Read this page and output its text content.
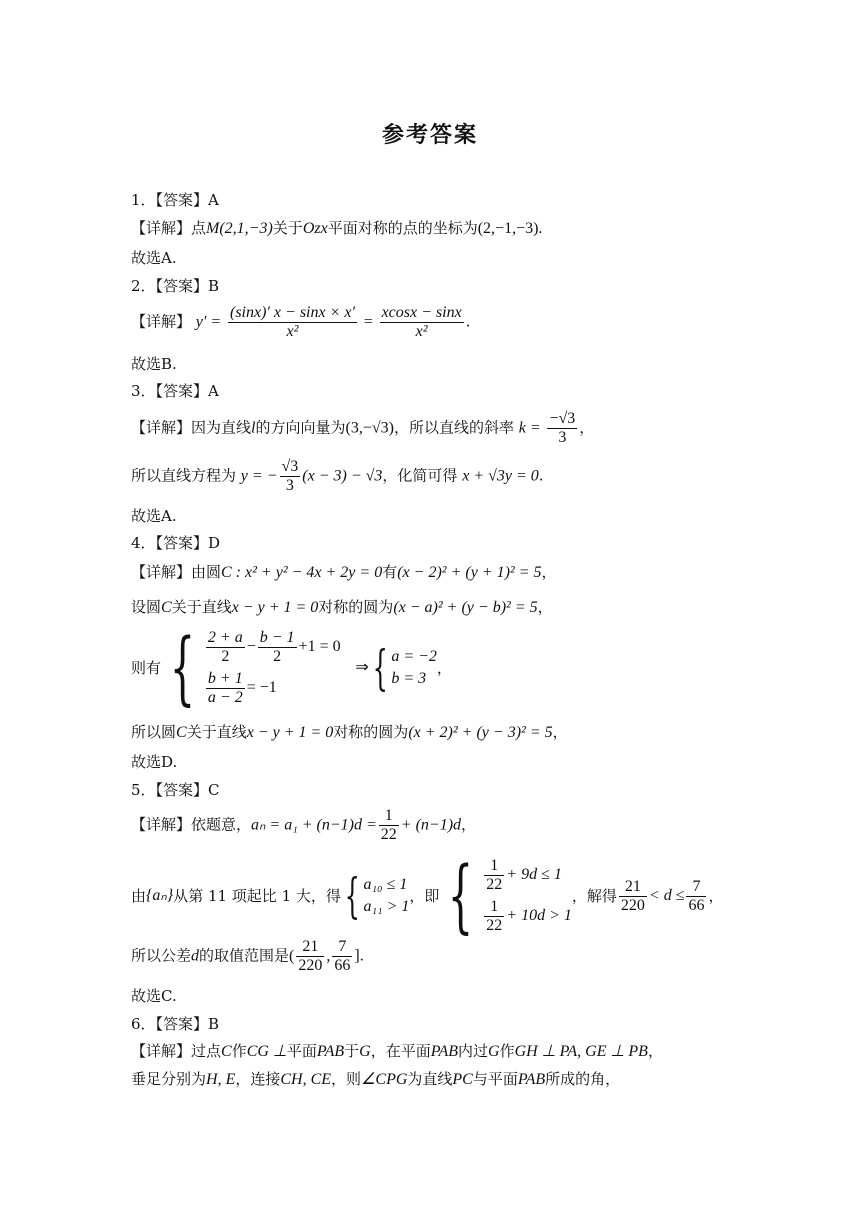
参考答案
1．【答案】A
【详解】点M(2,1,−3)关于Ozx平面对称的点的坐标为(2,−1,−3).
故选A.
2．【答案】B
【详解】 $y' = \frac{(\sin x)' x - \sin x \times x'}{\text{x²}} = \frac{xcosx - \sin x}{\text{x²}}$ .
故选B.
3．【答案】A
【详解】因为直线l的方向向量为(3,−√3)，所以直线的斜率 $k = \frac{-√3}{3}$ ，
所以直线方程为 y = − $\frac{√3}{3} (x - 3) - √3$，化简可得 x + √3y = 0.
故选A.
4．【答案】D
【详解】由圆C : x² + y² − 4x + 2y = 0有(x − 2)² + (y + 1)² = 5，
设圆C关于直线x − y + 1 = 0对称的圆为(x − a)² + (y − b)² = 5，
则有 { $\frac{2 + a}{2} - \frac{b - 1}{2} +1 = 0$
$\frac{b + 1}{a - 2} = -1$
⇒{ a = −2
b = 3
，
所以圆C关于直线x − y + 1 = 0对称的圆为(x + 2)² + (y − 3)² = 5，
故选D.
5．【答案】C
【详解】依题意，$a_n = a_1 + (n-1)d = \frac{1}{22} + (n-1)d$，
由{aₙ}从第 11 项起比 1 大，得{ a₁₀ ≤ 1
a₁₁ > 1
，即 { $\frac{1}{22} + 9d \le 1$
$\frac{1}{22} + 10d > 1$
，解得 $\frac{21}{220} < d \le \frac{7}{66}$ ，
所以公差d的取值范围是( $\frac{21}{220}$ , $\frac{7}{66}$ ].
故选C.
6．【答案】B
【详解】过点C作CG ⊥平面PAB于G，在平面PAB内过G作GH ⊥ PA, GE ⊥ PB，
垂足分别为H, E，连接CH, CE，则∠CPG为直线PC与平面PAB所成的角，
